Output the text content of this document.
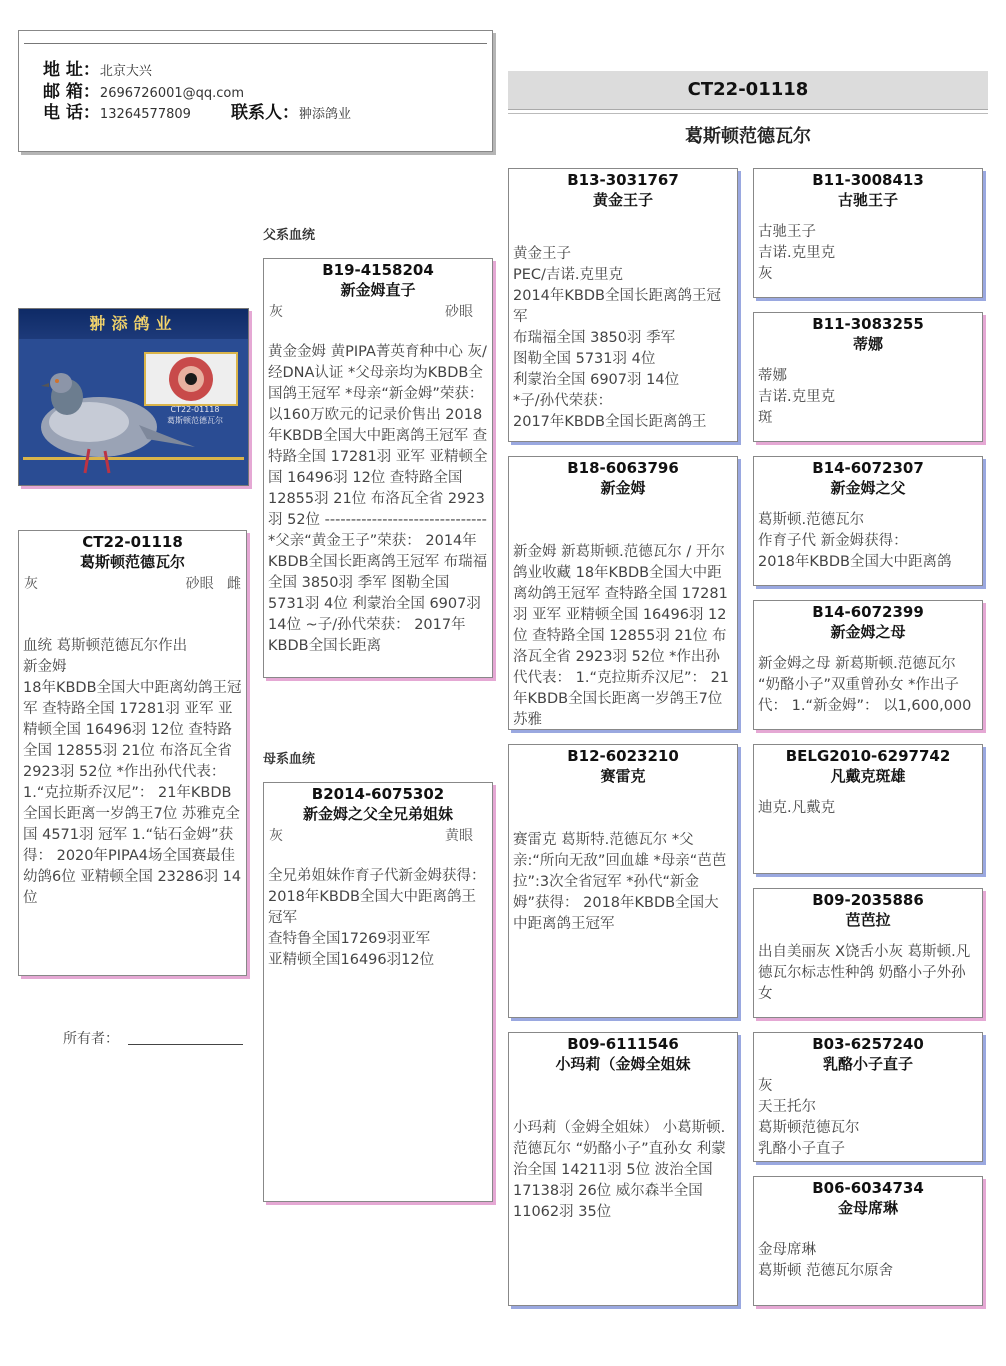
地 址：北京大兴
邮 箱：2696726001@qq.com
电 话：13264577809 联系人：翀添鸽业
CT22-01118
葛斯顿范德瓦尔
父系血统
母系血统
翀添鸽业
CT22-01118
葛斯顿范德瓦尔
CT22-01118
葛斯顿范德瓦尔
灰	砂眼 雌
血统 葛斯顿范德瓦尔作出
新金姆
18年KBDB全国大中距离幼鸽王冠军 查特路全国 17281羽 亚军 亚精顿全国 16496羽 12位 查特路全国 12855羽 21位 布洛瓦全省 2923羽 52位 *作出孙代代表： 1.“克拉斯乔汉尼”： 21年KBDB全国长距离一岁鸽王7位 苏雅克全国 4571羽 冠军 1.“钻石金姆”获得： 2020年PIPA4场全国赛最佳幼鸽6位 亚精顿全国 23286羽 14位
所有者：
B19-4158204
新金姆直子
灰	砂眼
黄金金姆 黄PIPA菁英育种中心 灰/经DNA认证 *父母亲均为KBDB全国鸽王冠军 *母亲“新金姆”荣获： 以160万欧元的记录价售出 2018年KBDB全国大中距离鸽王冠军 查特路全国 17281羽 亚军 亚精顿全国 16496羽 12位 查特路全国 12855羽 21位 布洛瓦全省 2923羽 52位 ------------------------------- *父亲“黄金王子”荣获： 2014年KBDB全国长距离鸽王冠军 布瑞福全国 3850羽 季军 图勒全国 5731羽 4位 利蒙治全国 6907羽 14位 ~子/孙代荣获： 2017年KBDB全国长距离
B2014-6075302
新金姆之父全兄弟姐妹
灰	黄眼
全兄弟姐妹作育子代新金姆获得：
2018年KBDB全国大中距离鸽王冠军
查特鲁全国17269羽亚军
亚精顿全国16496羽12位
B13-3031767
黄金王子
黄金王子
PEC/吉诺.克里克
2014年KBDB全国长距离鸽王冠军
布瑞福全国 3850羽 季军
图勒全国 5731羽 4位
利蒙治全国 6907羽 14位
*子/孙代荣获：
2017年KBDB全国长距离鸽王
B18-6063796
新金姆
新金姆 新葛斯顿.范德瓦尔 / 开尔鸽业收藏 18年KBDB全国大中距离幼鸽王冠军 查特路全国 17281羽 亚军 亚精顿全国 16496羽 12位 查特路全国 12855羽 21位 布洛瓦全省 2923羽 52位 *作出孙代代表： 1.“克拉斯乔汉尼”： 21年KBDB全国长距离一岁鸽王7位 苏雅
B12-6023210
赛雷克
赛雷克 葛斯特.范德瓦尔 *父亲:“所向无敌”回血雄 *母亲“芭芭拉”:3次全省冠军 *孙代“新金姆”获得： 2018年KBDB全国大中距离鸽王冠军
B09-6111546
小玛莉（金姆全姐妹
小玛莉（金姆全姐妹） 小葛斯顿.范德瓦尔 “奶酪小子”直孙女 利蒙治全国 14211羽 5位 波治全国 17138羽 26位 威尔森半全国 11062羽 35位
B11-3008413
古驰王子
古驰王子
吉诺.克里克
灰
B11-3083255
蒂娜
蒂娜
吉诺.克里克
斑
B14-6072307
新金姆之父
葛斯顿.范德瓦尔
作育子代 新金姆获得：
2018年KBDB全国大中距离鸽
B14-6072399
新金姆之母
新金姆之母 新葛斯顿.范德瓦尔 “奶酪小子”双重曾孙女 *作出子代： 1.“新金姆”： 以1,600,000
BELG2010-6297742
凡戴克斑雄
迪克.凡戴克
B09-2035886
芭芭拉
出自美丽灰 X饶舌小灰 葛斯顿.凡德瓦尔标志性种鸽 奶酪小子外孙女
B03-6257240
乳酪小子直子
灰
天王托尔
葛斯顿范德瓦尔
乳酪小子直子
B06-6034734
金母席琳
金母席琳
葛斯顿 范德瓦尔原舍
